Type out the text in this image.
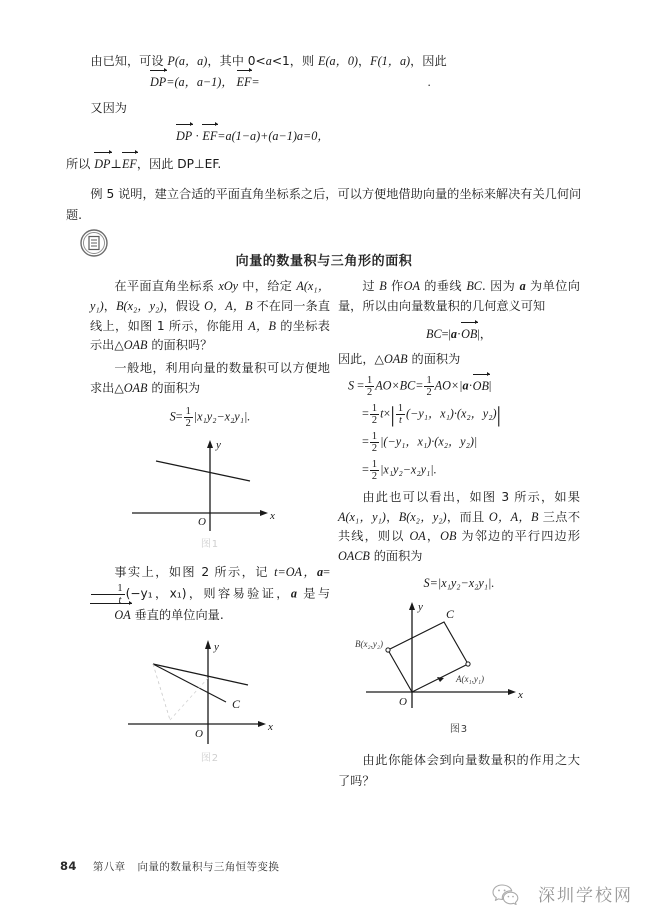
由已知，可设 P(a，a)，其中 0<a<1，则 E(a，0)，F(1，a)，因此

DP=(a，a−1)， EF=	.

又因为

DP · EF=a(1−a)+(a−1)a=0，

所以 DP⊥EF，因此 DP⊥EF.

例 5 说明，建立合适的平面直角坐标系之后，可以方便地借助向量的坐标来解决有关几何问题.

向量的数量积与三角形的面积

在平面直角坐标系 xOy 中，给定 A(x₁，y₁)，B(x₂，y₂)，假设 O，A，B 不在同一条直线上，如图 1 所示，你能用 A，B 的坐标表示出△OAB 的面积吗？

一般地，利用向量的数量积可以方便地求出△OAB 的面积为

$S= \frac{1}{2} |x_1y_2-x_2y_1|$.

y
x
O
图1

事实上，如图 2 所示，记 t=OA，a=
$\frac{1}{t} (-y_1$，x₁)，则容易验证，a 是与 OA 垂直的单位向量.

y
x
O
C
图2

过 B 作OA 的垂线 BC. 因为 a 为单位向量，所以由向量数量积的几何意义可知

BC=|a·OB|，

因此，△OAB 的面积为

$S = \frac{1}{2} AO\times BC= \frac{1}{2} AO\times|a\cdot OB|$

= $\frac{1}{2} t\times| \frac{1}{t} (-y_1$，x₁)·(x₂，y₂)|

= $\frac{1}{2} |(-y_1$，x₁)·(x₂，y₂)|

= $\frac{1}{2} |x_1y_2-x_2y_1|$.

由此也可以看出，如图 3 所示，如果 A(x₁，y₁)，B(x₂，y₂)，而且 O，A，B 三点不共线，则以 OA，OB 为邻边的平行四边形OACB 的面积为

S=|x₁y₂−x₂y₁|.

y
x
O
C
B(x₂,y₂)
A(x₁,y₁)
图3

由此你能体会到向量数量积的作用之大了吗？

84 第八章 向量的数量积与三角恒等变换
深圳学校网
